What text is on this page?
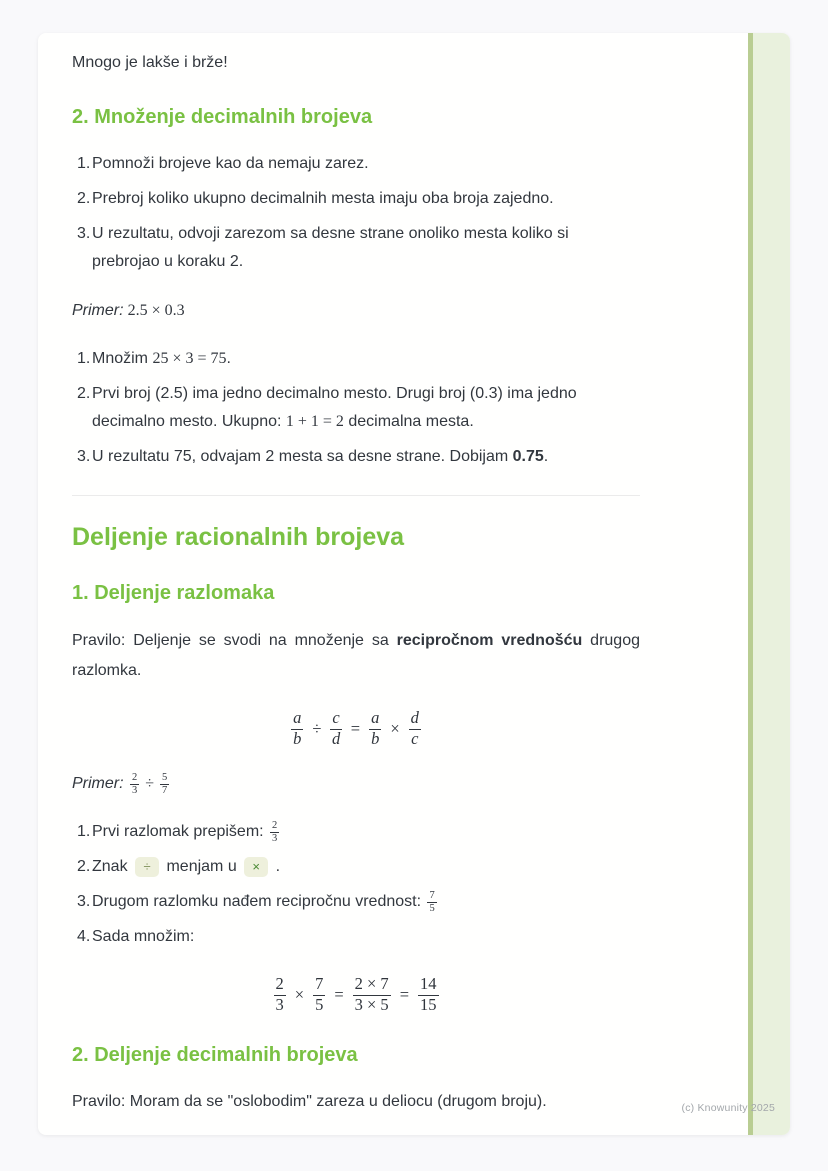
Mnogo je lakše i brže!

2. Množenje decimalnih brojeva
1. Pomnoži brojeve kao da nemaju zarez.
2. Prebroj koliko ukupno decimalnih mesta imaju oba broja zajedno.
3. U rezultatu, odvoji zarezom sa desne strane onoliko mesta koliko si prebrojao u koraku 2.

Primer: 2.5 × 0.3

1. Množim 25 × 3 = 75.
2. Prvi broj (2.5) ima jedno decimalno mesto. Drugi broj (0.3) ima jedno decimalno mesto. Ukupno: 1 + 1 = 2 decimalna mesta.
3. U rezultatu 75, odvajam 2 mesta sa desne strane. Dobijam 0.75.
Deljenje racionalnih brojeva
1. Deljenje razlomaka

Pravilo: Deljenje se svodi na množenje sa recipročnom vrednošću drugog razlomka.

$\frac{a}{b} \div \frac{c}{d} = \frac{a}{b} \times \frac{d}{c}$

Primer: $\frac{2}{3} \div \frac{5}{7}$

1. Prvi razlomak prepišem: $\frac{2}{3}$
2. Znak ÷ menjam u × .
3. Drugom razlomku nađem recipročnu vrednost: $\frac{7}{5}$
4. Sada množim:
$\frac{2}{3} \times \frac{7}{5} = \frac{2 \times 7}{3 \times 5} = \frac{14}{15}$
2. Deljenje decimalnih brojeva

Pravilo: Moram da se "oslobodim" zareza u deliocu (drugom broju).	(c) Knowunity 2025
